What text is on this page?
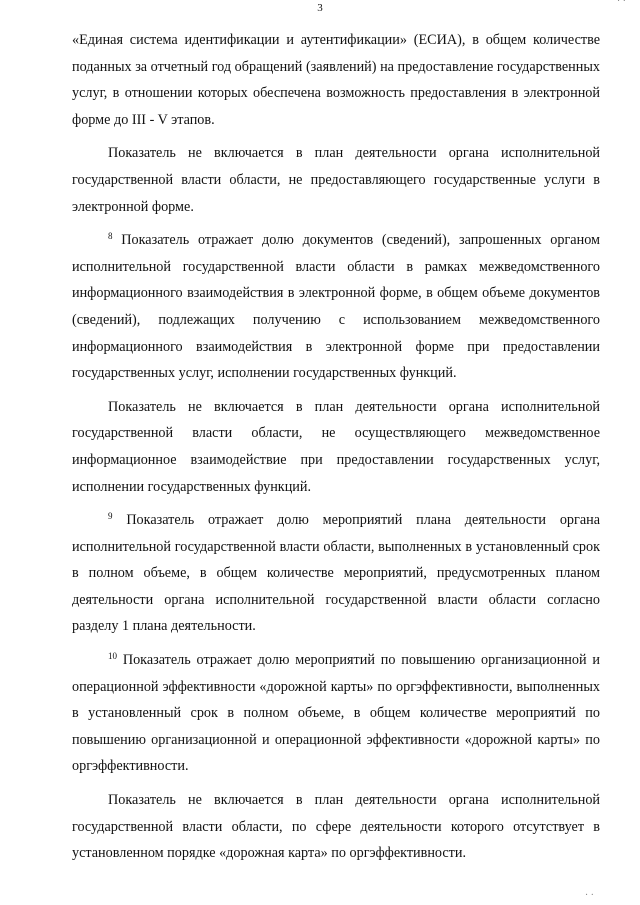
· ·
3

«Единая система идентификации и аутентификации» (ЕСИА), в общем количестве поданных за отчетный год обращений (заявлений) на предоставление государственных услуг, в отношении которых обеспечена возможность предоставления в электронной форме до III - V этапов.

Показатель не включается в план деятельности органа исполнительной государственной власти области, не предоставляющего государственные услуги в электронной форме.

$^8$ Показатель отражает долю документов (сведений), запрошенных органом исполнительной государственной власти области в рамках межведомственного информационного взаимодействия в электронной форме, в общем объеме документов (сведений), подлежащих получению с использованием межведомственного информационного взаимодействия в электронной форме при предоставлении государственных услуг, исполнении государственных функций.

Показатель не включается в план деятельности органа исполнительной государственной власти области, не осуществляющего межведомственное информационное взаимодействие при предоставлении государственных услуг, исполнении государственных функций.

$^9$ Показатель отражает долю мероприятий плана деятельности органа исполнительной государственной власти области, выполненных в установленный срок в полном объеме, в общем количестве мероприятий, предусмотренных планом деятельности органа исполнительной государственной власти области согласно разделу 1 плана деятельности.

$^{10}$ Показатель отражает долю мероприятий по повышению организационной и операционной эффективности «дорожной карты» по оргэффективности, выполненных в установленный срок в полном объеме, в общем количестве мероприятий по повышению организационной и операционной эффективности «дорожной карты» по оргэффективности.

Показатель не включается в план деятельности органа исполнительной государственной власти области, по сфере деятельности которого отсутствует в установленном порядке «дорожная карта» по оргэффективности.

· ·
